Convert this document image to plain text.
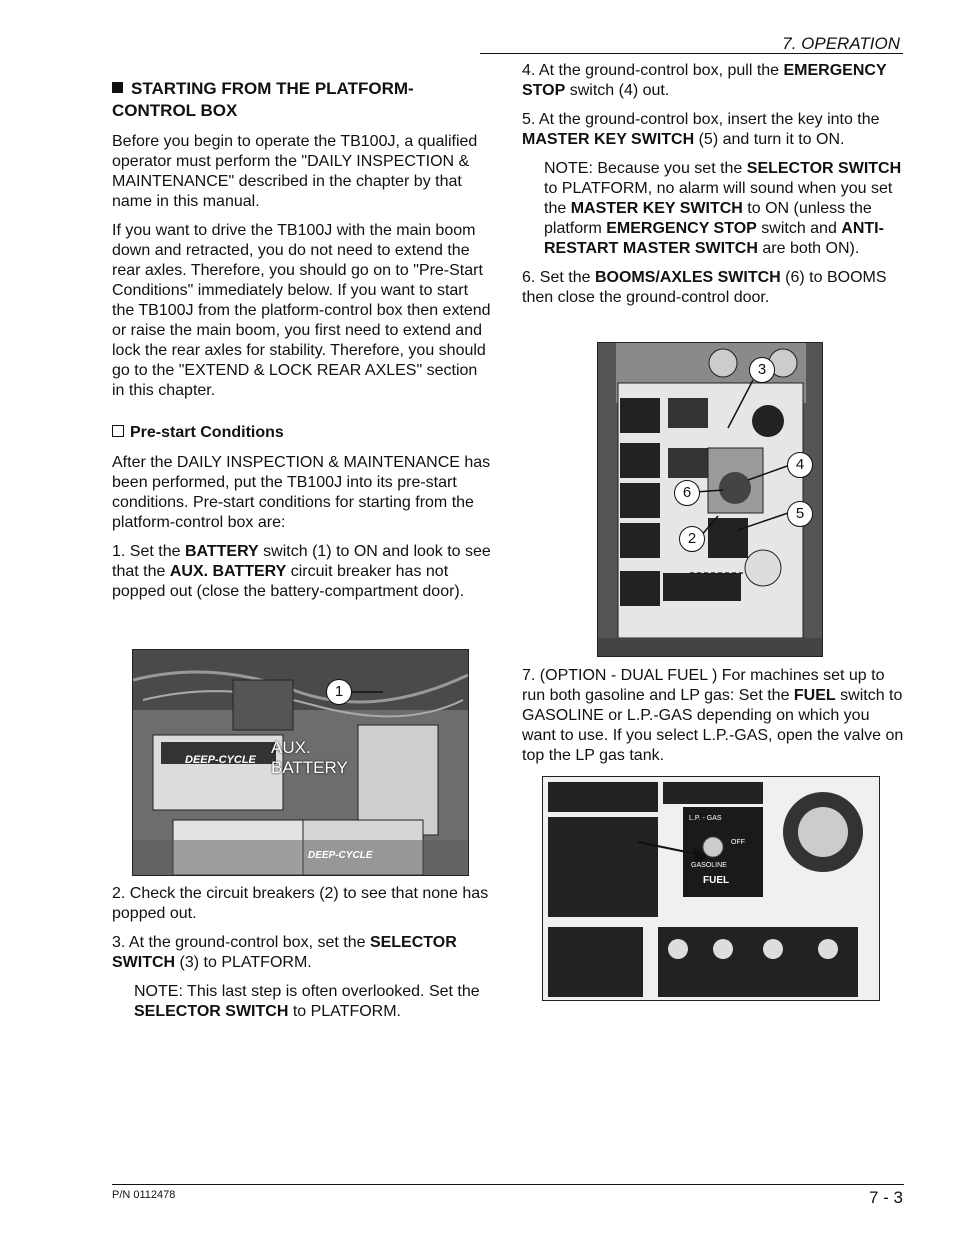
7. OPERATION
STARTING FROM THE PLATFORM-CONTROL BOX

Before you begin to operate the TB100J, a qualified operator must perform the "DAILY INSPECTION & MAINTENANCE" described in the chapter by that name in this manual.

If you want to drive the TB100J with the main boom down and retracted, you do not need to extend the rear axles. Therefore, you should go on to "Pre-Start Conditions" immediately below. If you want to start the TB100J from the platform-control box then extend or raise the main boom, you first need to extend and lock the rear axles for stability. Therefore, you should go to the "EXTEND & LOCK REAR AXLES" section in this chapter.

Pre-start Conditions

After the DAILY INSPECTION & MAINTENANCE has been performed, put the TB100J into its pre-start conditions. Pre-start conditions for starting from the platform-control box are:

1. Set the BATTERY switch (1) to ON and look to see that the AUX. BATTERY circuit breaker has not popped out (close the battery-compartment door).

DEEP-CYCLE
DEEP-CYCLE
AUX.
BATTERY
1

2. Check the circuit breakers (2) to see that none has popped out.

3. At the ground-control box, set the SELECTOR SWITCH (3) to PLATFORM.

NOTE: This last step is often overlooked. Set the SELECTOR SWITCH to PLATFORM.

4. At the ground-control box, pull the EMERGENCY STOP switch (4) out.

5. At the ground-control box, insert the key into the MASTER KEY SWITCH (5) and turn it to ON.

NOTE: Because you set the SELECTOR SWITCH to PLATFORM, no alarm will sound when you set the MASTER KEY SWITCH to ON (unless the platform EMERGENCY STOP switch and ANTI-RESTART MASTER SWITCH are both ON).

6. Set the BOOMS/AXLES SWITCH (6) to BOOMS then close the ground-control door.

3
4
5
6
2

7. (OPTION - DUAL FUEL ) For machines set up to run both gasoline and LP gas: Set the FUEL switch to GASOLINE or L.P.-GAS depending on which you want to use. If you select L.P.-GAS, open the valve on top the LP gas tank.

L.P. - GAS
OFF
GASOLINE
FUEL
P/N 0112478	7 - 3
